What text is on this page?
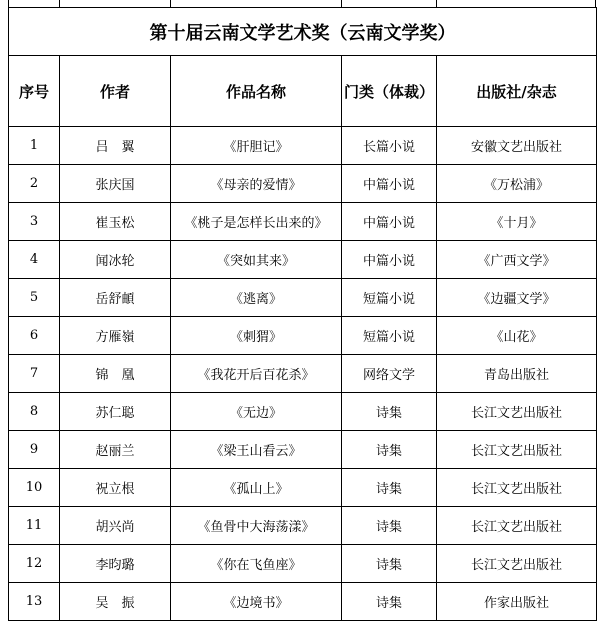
第十届云南文学艺术奖（云南文学奖）				
序号	作者	作品名称	门类（体裁）	出版社/杂志
1	吕　翼	《肝胆记》	长篇小说	安徽文艺出版社
2	张庆国	《母亲的爱情》	中篇小说	《万松浦》
3	崔玉松	《桃子是怎样长出来的》	中篇小说	《十月》
4	闻冰轮	《突如其来》	中篇小说	《广西文学》
5	岳舒頔	《逃离》	短篇小说	《边疆文学》
6	方雁嶺	《刺猬》	短篇小说	《山花》
7	锦　凰	《我花开后百花杀》	网络文学	青岛出版社
8	苏仁聪	《无边》	诗集	长江文艺出版社
9	赵丽兰	《梁王山看云》	诗集	长江文艺出版社
10	祝立根	《孤山上》	诗集	长江文艺出版社
11	胡兴尚	《鱼骨中大海荡漾》	诗集	长江文艺出版社
12	李昀璐	《你在飞鱼座》	诗集	长江文艺出版社
13	吴　振	《边境书》	诗集	作家出版社
